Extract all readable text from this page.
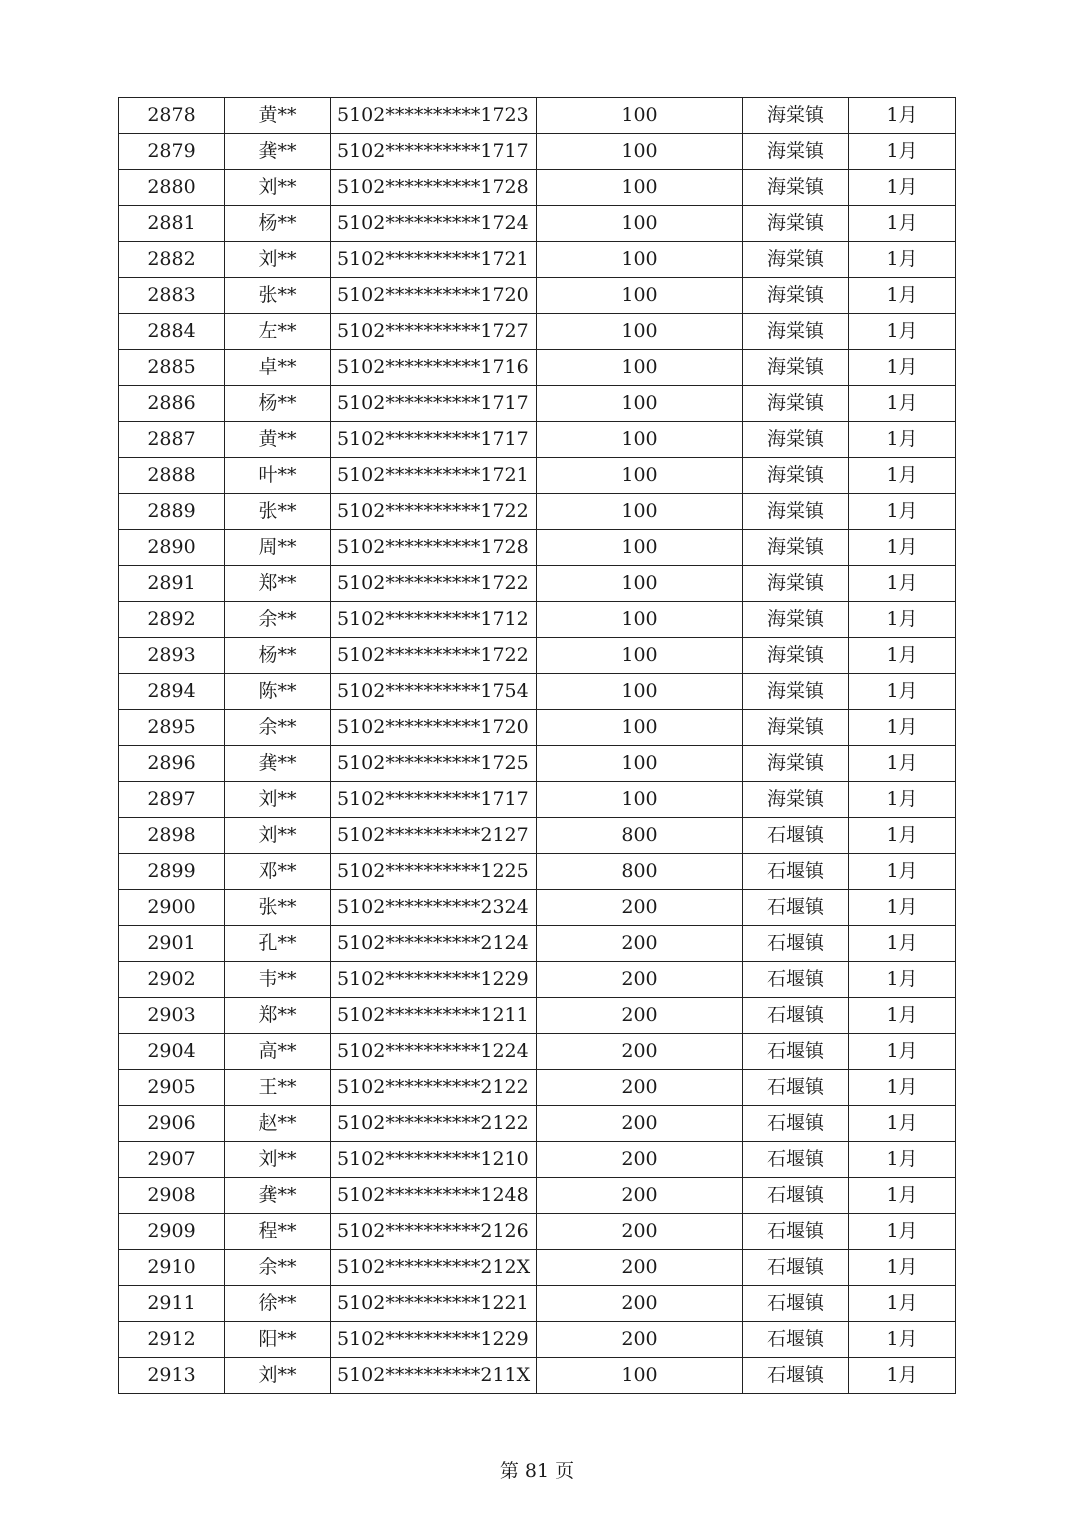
2878	黄**	5102**********1723	100	海棠镇	1月
2879	龚**	5102**********1717	100	海棠镇	1月
2880	刘**	5102**********1728	100	海棠镇	1月
2881	杨**	5102**********1724	100	海棠镇	1月
2882	刘**	5102**********1721	100	海棠镇	1月
2883	张**	5102**********1720	100	海棠镇	1月
2884	左**	5102**********1727	100	海棠镇	1月
2885	卓**	5102**********1716	100	海棠镇	1月
2886	杨**	5102**********1717	100	海棠镇	1月
2887	黄**	5102**********1717	100	海棠镇	1月
2888	叶**	5102**********1721	100	海棠镇	1月
2889	张**	5102**********1722	100	海棠镇	1月
2890	周**	5102**********1728	100	海棠镇	1月
2891	郑**	5102**********1722	100	海棠镇	1月
2892	余**	5102**********1712	100	海棠镇	1月
2893	杨**	5102**********1722	100	海棠镇	1月
2894	陈**	5102**********1754	100	海棠镇	1月
2895	余**	5102**********1720	100	海棠镇	1月
2896	龚**	5102**********1725	100	海棠镇	1月
2897	刘**	5102**********1717	100	海棠镇	1月
2898	刘**	5102**********2127	800	石堰镇	1月
2899	邓**	5102**********1225	800	石堰镇	1月
2900	张**	5102**********2324	200	石堰镇	1月
2901	孔**	5102**********2124	200	石堰镇	1月
2902	韦**	5102**********1229	200	石堰镇	1月
2903	郑**	5102**********1211	200	石堰镇	1月
2904	高**	5102**********1224	200	石堰镇	1月
2905	王**	5102**********2122	200	石堰镇	1月
2906	赵**	5102**********2122	200	石堰镇	1月
2907	刘**	5102**********1210	200	石堰镇	1月
2908	龚**	5102**********1248	200	石堰镇	1月
2909	程**	5102**********2126	200	石堰镇	1月
2910	余**	5102**********212X	200	石堰镇	1月
2911	徐**	5102**********1221	200	石堰镇	1月
2912	阳**	5102**********1229	200	石堰镇	1月
2913	刘**	5102**********211X	100	石堰镇	1月
第 81 页
